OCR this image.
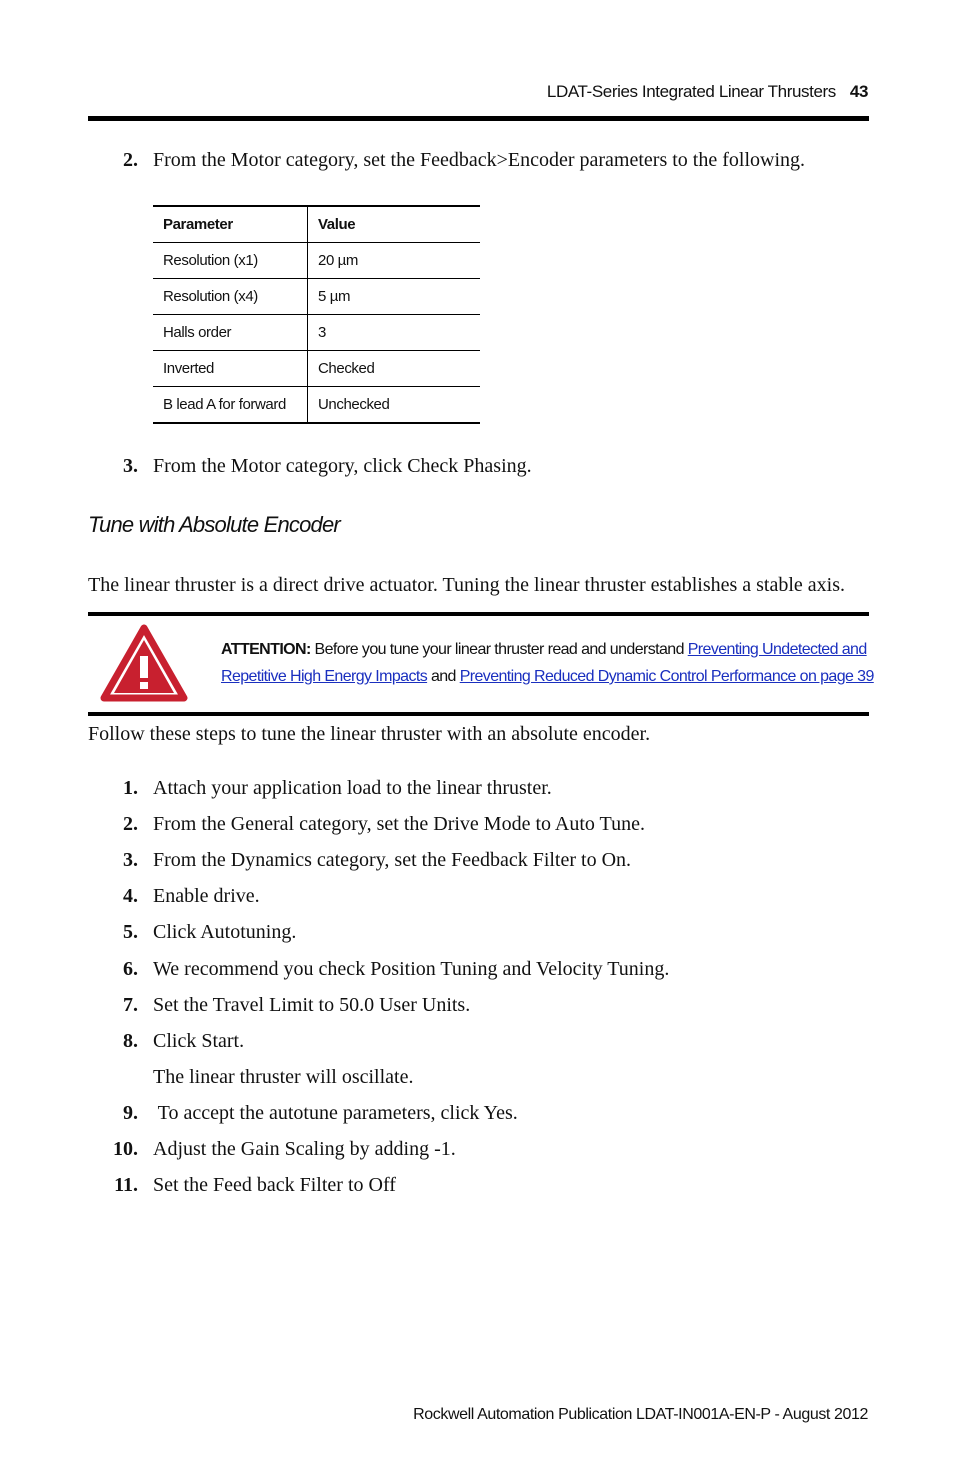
LDAT-Series Integrated Linear Thrusters 43
2. From the Motor category, set the Feedback>Encoder parameters to the following.
Parameter	Value
Resolution (x1)	20 µm
Resolution (x4)	5 µm
Halls order	3
Inverted	Checked
B lead A for forward	Unchecked
3. From the Motor category, click Check Phasing.
Tune with Absolute Encoder
The linear thruster is a direct drive actuator. Tuning the linear thruster establishes a stable axis.
ATTENTION: Before you tune your linear thruster read and understand Preventing Undetected and
Repetitive High Energy Impacts and Preventing Reduced Dynamic Control Performance on page 39
Follow these steps to tune the linear thruster with an absolute encoder.
1. Attach your application load to the linear thruster.
2. From the General category, set the Drive Mode to Auto Tune.
3. From the Dynamics category, set the Feedback Filter to On.
4. Enable drive.
5. Click Autotuning.
6. We recommend you check Position Tuning and Velocity Tuning.
7. Set the Travel Limit to 50.0 User Units.
8. Click Start.
The linear thruster will oscillate.
9. To accept the autotune parameters, click Yes.
10. Adjust the Gain Scaling by adding -1.
11. Set the Feed back Filter to Off
Rockwell Automation Publication LDAT-IN001A-EN-P - August 2012
